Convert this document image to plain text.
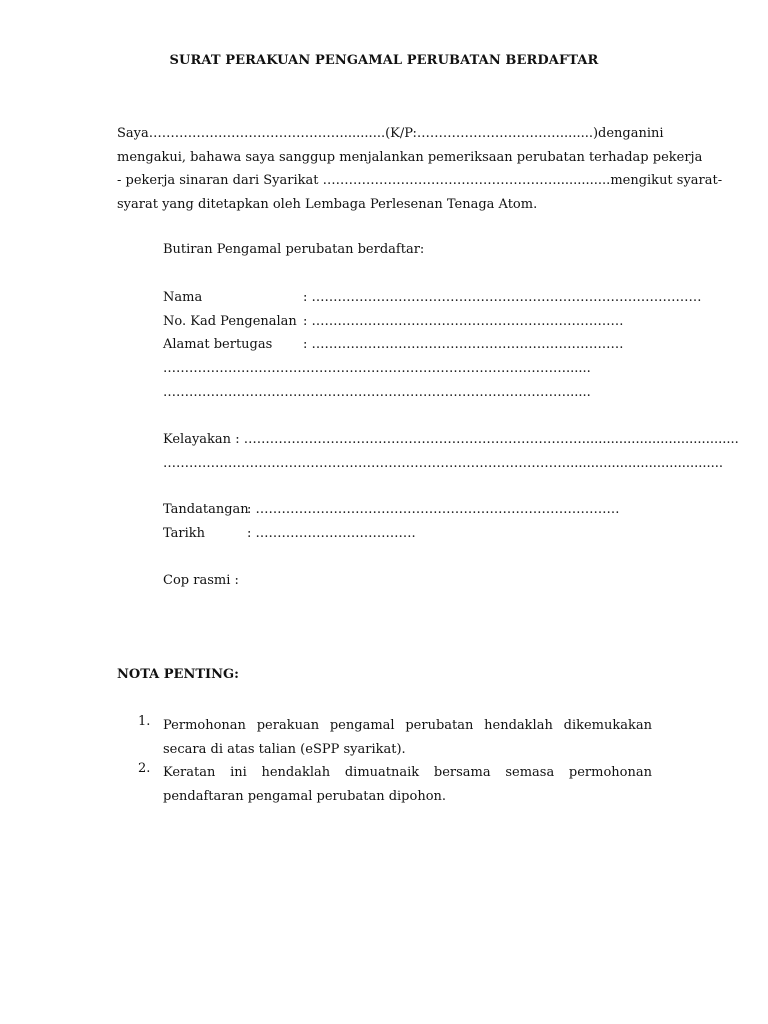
SURAT PERAKUAN PENGAMAL PERUBATAN BERDAFTAR
Saya ………………………………………..........(K/P:……………………………........) dengan ini
mengakui, bahawa saya sanggup menjalankan pemeriksaan perubatan terhadap pekerja
- pekerja sinaran dari Syarikat ……………………………………………….............mengikut syarat-
syarat yang ditetapkan oleh Lembaga Perlesenan Tenaga Atom.
Butiran Pengamal perubatan berdaftar:
Nama	: ………………………………………………………………………………
No. Kad Pengenalan : ………………………………………………………………
Alamat bertugas : ………………………………………………………………
…………………………………………………………………………………......
…………………………………………………………………………………......
Kelayakan : ……………………………………………………………………......................................
…………………………………………………………………………………......................................
Tandatangan: …………………………………………………………………………
Tarikh	: ……………………………….
Cop rasmi :
NOTA PENTING:
1. Permohonan perakuan pengamal perubatan hendaklah dikemukakan secara di atas talian (eSPP syarikat).
2. Keratan ini hendaklah dimuatnaik bersama semasa permohonan pendaftaran pengamal perubatan dipohon.
